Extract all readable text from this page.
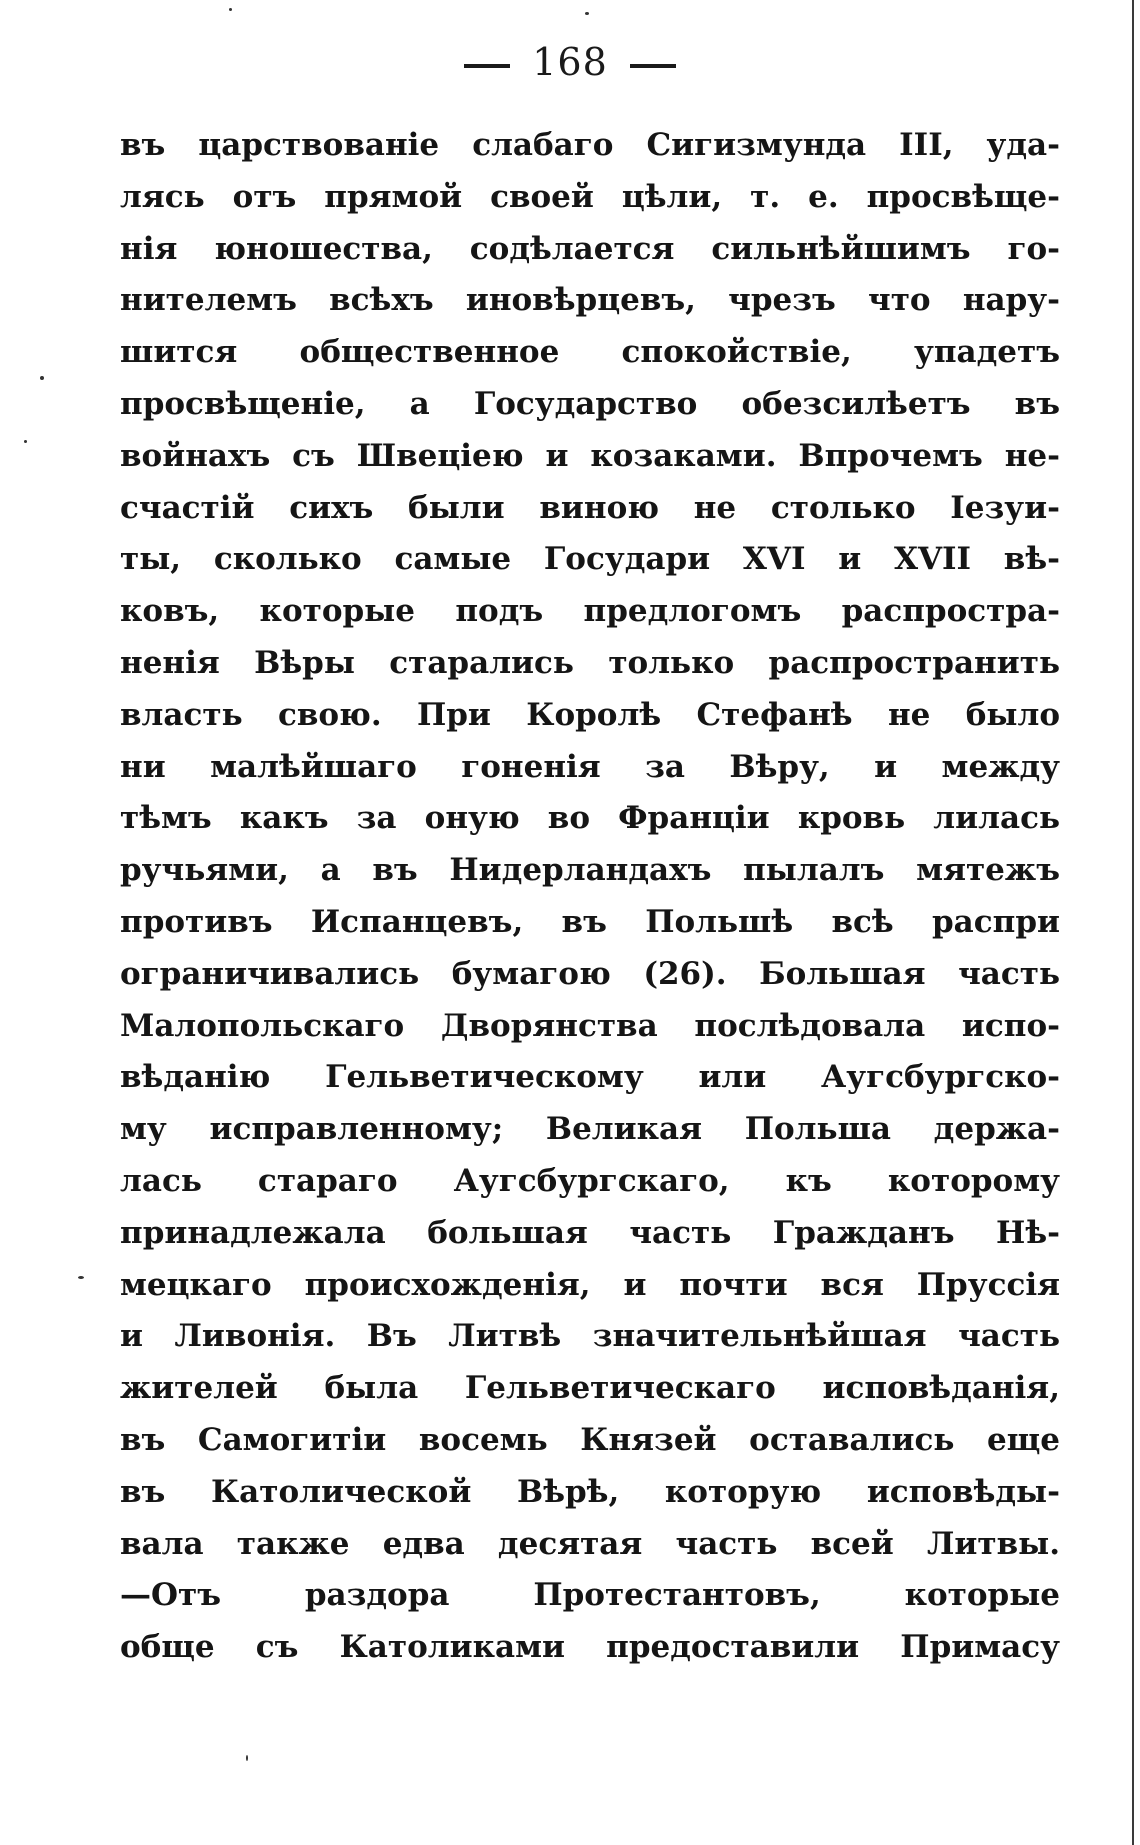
168
въ царствованіе слабаго Сигизмунда III, уда-
лясь отъ прямой своей цѣли, т. е. просвѣще-
нія юношества, содѣлается сильнѣйшимъ го-
нителемъ всѣхъ иновѣрцевъ, чрезъ что нару-
шится общественное спокойствіе, упадетъ
просвѣщеніе, а Государство обезсилѣетъ въ
войнахъ съ Швеціею и козаками. Впрочемъ не-
счастій сихъ были виною не столько Іезуи-
ты, сколько самые Государи XVI и XVII вѣ-
ковъ, которые подъ предлогомъ распростра-
ненія Вѣры старались только распространить
власть свою. При Королѣ Стефанѣ не было
ни малѣйшаго гоненія за Вѣру, и между
тѣмъ какъ за оную во Франціи кровь лилась
ручьями, а въ Нидерландахъ пылалъ мятежъ
противъ Испанцевъ, въ Польшѣ всѣ распри
ограничивались бумагою (26). Большая часть
Малопольскаго Дворянства послѣдовала испо-
вѣданію Гельветическому или Аугсбургско-
му исправленному; Великая Польша держа-
лась стараго Аугсбургскаго, къ которому
принадлежала большая часть Гражданъ Нѣ-
мецкаго происхожденія, и почти вся Пруссія
и Ливонія. Въ Литвѣ значительнѣйшая часть
жителей была Гельветическаго исповѣданія,
въ Самогитіи восемь Князей оставались еще
въ Католической Вѣрѣ, которую исповѣды-
вала также едва десятая часть всей Литвы.
—Отъ раздора Протестантовъ, которые
обще съ Католиками предоставили Примасу
